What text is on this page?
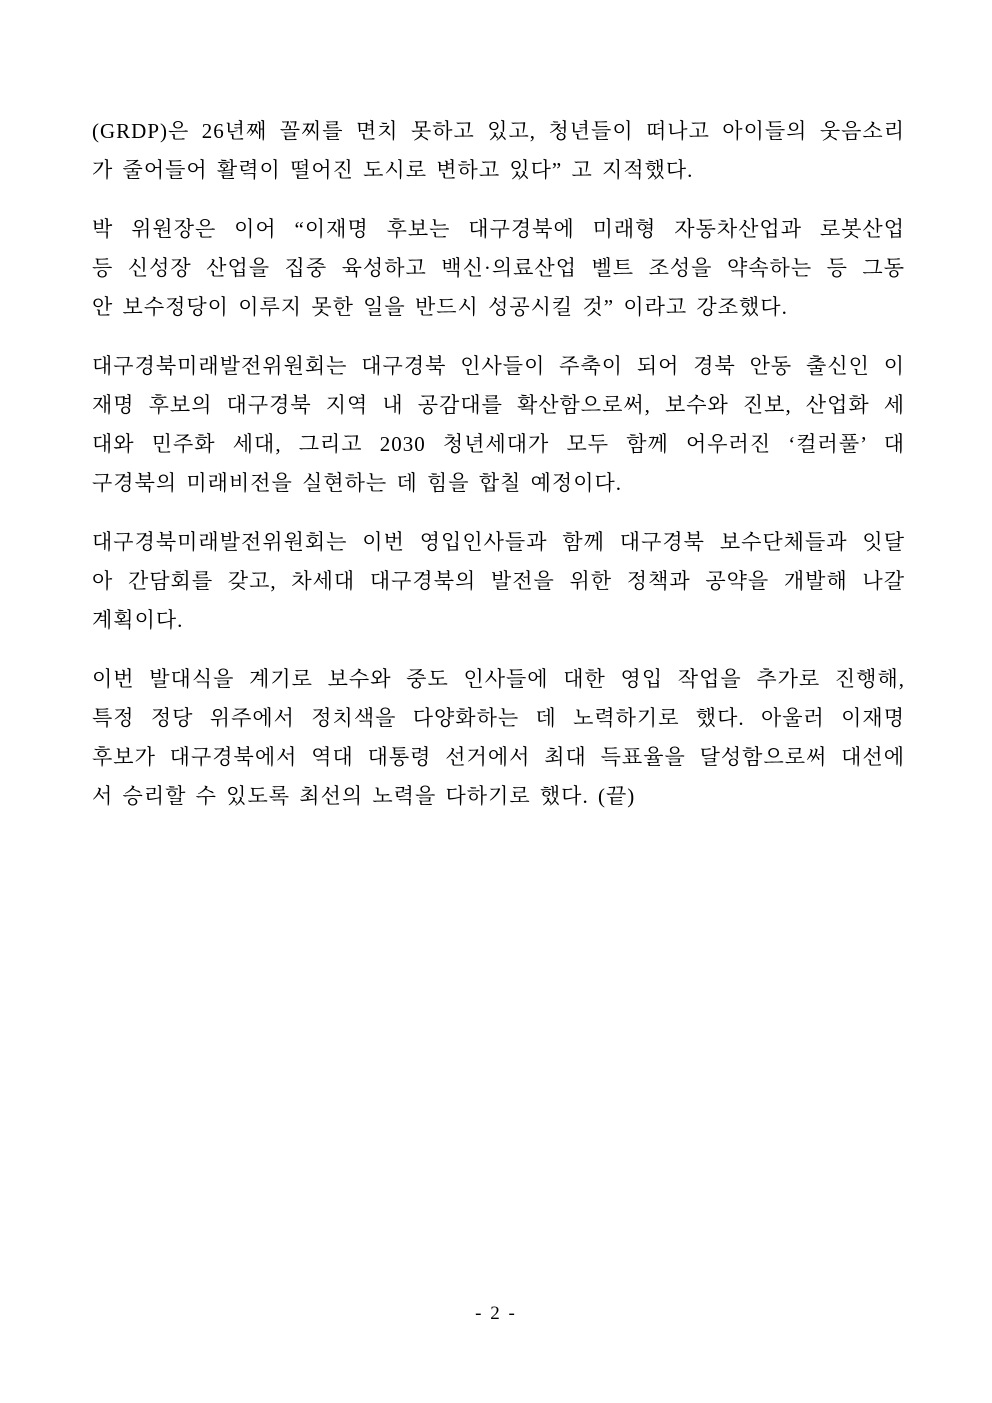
(GRDP)은 26년째 꼴찌를 면치 못하고 있고, 청년들이 떠나고 아이들의 웃음소리
가 줄어들어 활력이 떨어진 도시로 변하고 있다” 고 지적했다.
박 위원장은 이어 “이재명 후보는 대구경북에 미래형 자동차산업과 로봇산업
등 신성장 산업을 집중 육성하고 백신·의료산업 벨트 조성을 약속하는 등 그동
안 보수정당이 이루지 못한 일을 반드시 성공시킬 것” 이라고 강조했다.
대구경북미래발전위원회는 대구경북 인사들이 주축이 되어 경북 안동 출신인 이
재명 후보의 대구경북 지역 내 공감대를 확산함으로써, 보수와 진보, 산업화 세
대와 민주화 세대, 그리고 2030 청년세대가 모두 함께 어우러진 ‘컬러풀’ 대
구경북의 미래비전을 실현하는 데 힘을 합칠 예정이다.
대구경북미래발전위원회는 이번 영입인사들과 함께 대구경북 보수단체들과 잇달
아 간담회를 갖고, 차세대 대구경북의 발전을 위한 정책과 공약을 개발해 나갈
계획이다.
이번 발대식을 계기로 보수와 중도 인사들에 대한 영입 작업을 추가로 진행해,
특정 정당 위주에서 정치색을 다양화하는 데 노력하기로 했다. 아울러 이재명
후보가 대구경북에서 역대 대통령 선거에서 최대 득표율을 달성함으로써 대선에
서 승리할 수 있도록 최선의 노력을 다하기로 했다. (끝)
- 2 -
